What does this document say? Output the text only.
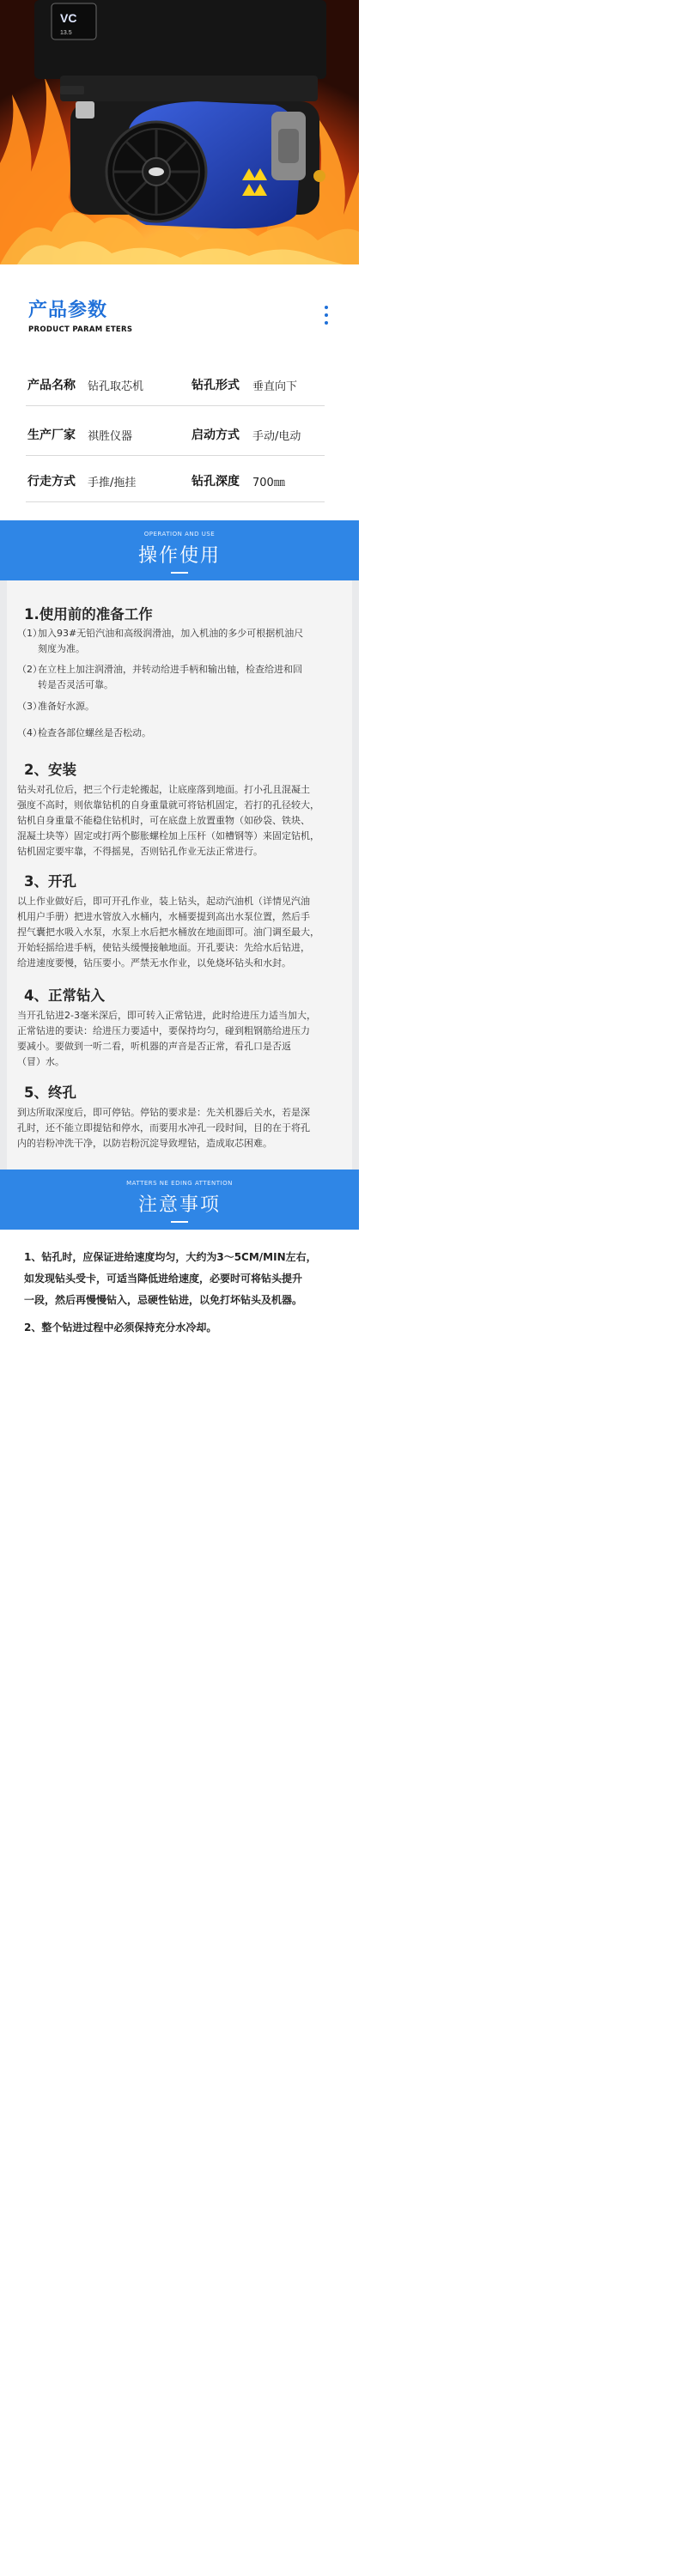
VC
13.5
产品参数
PRODUCT PARAM ETERS
产品名称 钻孔取芯机	钻孔形式 垂直向下
生产厂家 祺胜仪器	启动方式 手动/电动
行走方式 手推/拖挂	钻孔深度 700㎜
OPERATION AND USE
操作使用
1.使用前的准备工作
（1）
加入93#无铅汽油和高级润滑油，加入机油的多少可根据机油尺
刻度为准。
（2）
在立柱上加注润滑油，并转动给进手柄和输出轴，检查给进和回
转是否灵活可靠。
（3）
准备好水源。
（4）
检查各部位螺丝是否松动。
2、安装
钻头对孔位后，把三个行走轮搬起，让底座落到地面。打小孔且混凝土
强度不高时，则依靠钻机的自身重量就可将钻机固定，若打的孔径较大，
钻机自身重量不能稳住钻机时，可在底盘上放置重物（如砂袋、铁块、
混凝土块等）固定或打两个膨胀螺栓加上压杆（如槽钢等）来固定钻机，
钻机固定要牢靠，不得摇晃，否则钻孔作业无法正常进行。
3、开孔
以上作业做好后，即可开孔作业，装上钻头，起动汽油机（详情见汽油
机用户手册）把进水管放入水桶内，水桶要提到高出水泵位置，然后手
捏气囊把水吸入水泵，水泵上水后把水桶放在地面即可。油门调至最大，
开始轻摇给进手柄，使钻头缓慢接触地面。开孔要诀：先给水后钻进，
给进速度要慢，钻压要小。严禁无水作业，以免烧坏钻头和水封。
4、正常钻入
当开孔钻进2-3毫米深后，即可转入正常钻进，此时给进压力适当加大，
正常钻进的要诀：给进压力要适中，要保持均匀，碰到粗钢筋给进压力
要减小。要做到一听二看，听机器的声音是否正常，看孔口是否返
（冒）水。
5、终孔
到达所取深度后，即可停钻。停钻的要求是：先关机器后关水，若是深
孔时，还不能立即提钻和停水，而要用水冲孔一段时间，目的在于将孔
内的岩粉冲洗干净，以防岩粉沉淀导致埋钻，造成取芯困难。
MATTERS NE EDING ATTENTION
注意事项
1、钻孔时，应保证进给速度均匀，大约为3～5CM/MIN左右，
如发现钻头受卡，可适当降低进给速度，必要时可将钻头提升
一段，然后再慢慢钻入，忌硬性钻进，以免打坏钻头及机器。
2、整个钻进过程中必须保持充分水冷却。
